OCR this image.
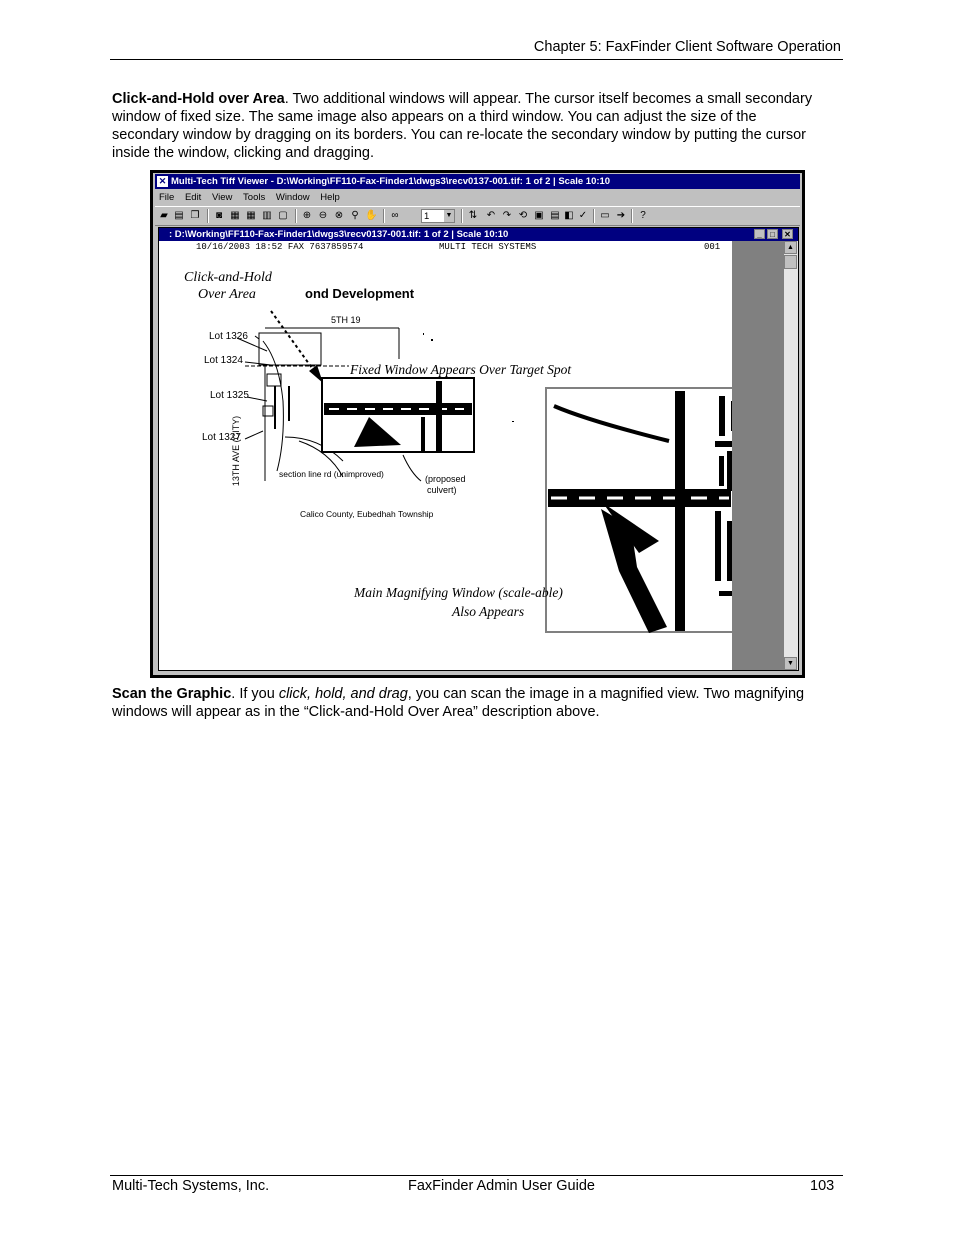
Chapter 5: FaxFinder Client Software Operation

Click-and-Hold over Area. Two additional windows will appear. The cursor itself becomes a small secondary window of fixed size. The same image also appears on a third window. You can adjust the size of the secondary window by dragging on its borders. You can re-locate the secondary window by putting the cursor inside the window, clicking and dragging.

✕ Multi-Tech Tiff Viewer - D:\Working\FF110-Fax-Finder1\dwgs3\recv0137-001.tif: 1 of 2 | Scale 10:10
File Edit View Tools Window Help
▰ ▤ ❐ ◙ ▦ ▦ ▥ ▢ ⊕ ⊖ ⊗ ⚲ ✋ ∞	1 ▼ ⇅ ↶ ↷ ⟲ ▣ ▤ ◧ ✓ ▭ ➔	?
: D:\Working\FF110-Fax-Finder1\dwgs3\recv0137-001.tif: 1 of 2 | Scale 10:10	_	□	✕
10/16/2003 18:52 FAX 7637859574	MULTI TECH SYSTEMS	001
Click-and-Hold
Over Area	ond Development
5TH 19
Lot 1326
Lot 1324
Lot 1325
Lot 1327
13TH AVE (CITY)	section line rd (unimproved)	(proposed
culvert)
Calico County, Eubedhah Township
Fixed Window Appears Over Target Spot
Main Magnifying Window (scale-able)
Also Appears
▲
▼

Scan the Graphic. If you click, hold, and drag, you can scan the image in a magnified view. Two magnifying windows will appear as in the “Click-and-Hold Over Area” description above.

Multi-Tech Systems, Inc.	FaxFinder Admin User Guide	103
